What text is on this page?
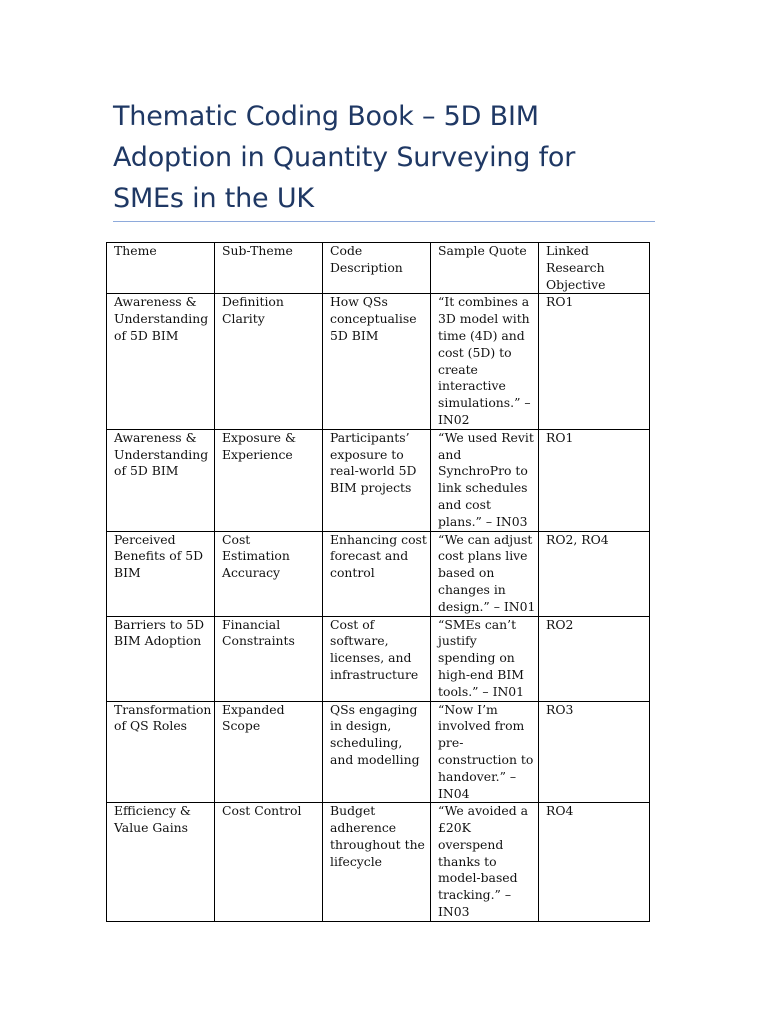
Thematic Coding Book – 5D BIM Adoption in Quantity Surveying for SMEs in the UK
Theme	Sub-Theme	Code Description	Sample Quote	Linked Research Objective
Awareness & Understanding of 5D BIM	Definition Clarity	How QSs conceptualise 5D BIM	“It combines a 3D model with time (4D) and cost (5D) to create interactive simulations.” – IN02	RO1
Awareness & Understanding of 5D BIM	Exposure & Experience	Participants’ exposure to real-world 5D BIM projects	“We used Revit and SynchroPro to link schedules and cost plans.” – IN03	RO1
Perceived Benefits of 5D BIM	Cost Estimation Accuracy	Enhancing cost forecast and control	“We can adjust cost plans live based on changes in design.” – IN01	RO2, RO4
Barriers to 5D BIM Adoption	Financial Constraints	Cost of software, licenses, and infrastructure	“SMEs can’t justify spending on high-end BIM tools.” – IN01	RO2
Transformation of QS Roles	Expanded Scope	QSs engaging in design, scheduling, and modelling	“Now I’m involved from pre-construction to handover.” – IN04	RO3
Efficiency & Value Gains	Cost Control	Budget adherence throughout the lifecycle	“We avoided a £20K overspend thanks to model-based tracking.” – IN03	RO4
